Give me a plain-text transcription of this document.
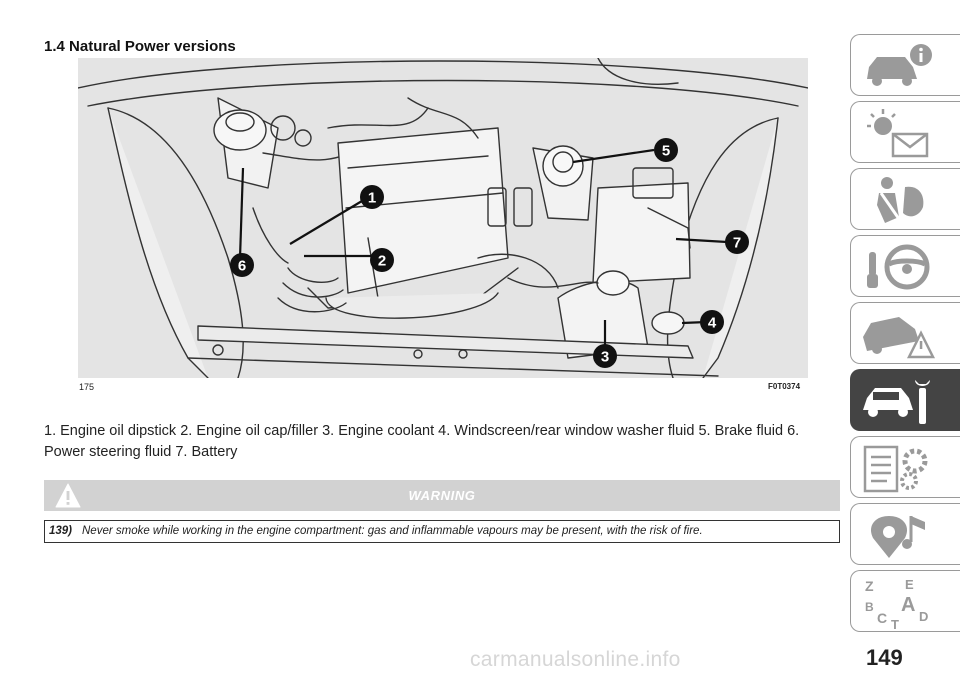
1.4 Natural Power versions
1
2
3
4
5
6
7
175	F0T0374
1. Engine oil dipstick 2. Engine oil cap/filler 3. Engine coolant 4. Windscreen/rear window washer fluid 5. Brake fluid 6. Power steering fluid 7. Battery
WARNING
139) Never smoke while working in the engine compartment: gas and inflammable vapours may be present, with the risk of fire.
Z E
B A
C T
D
149
carmanualsonline.info
